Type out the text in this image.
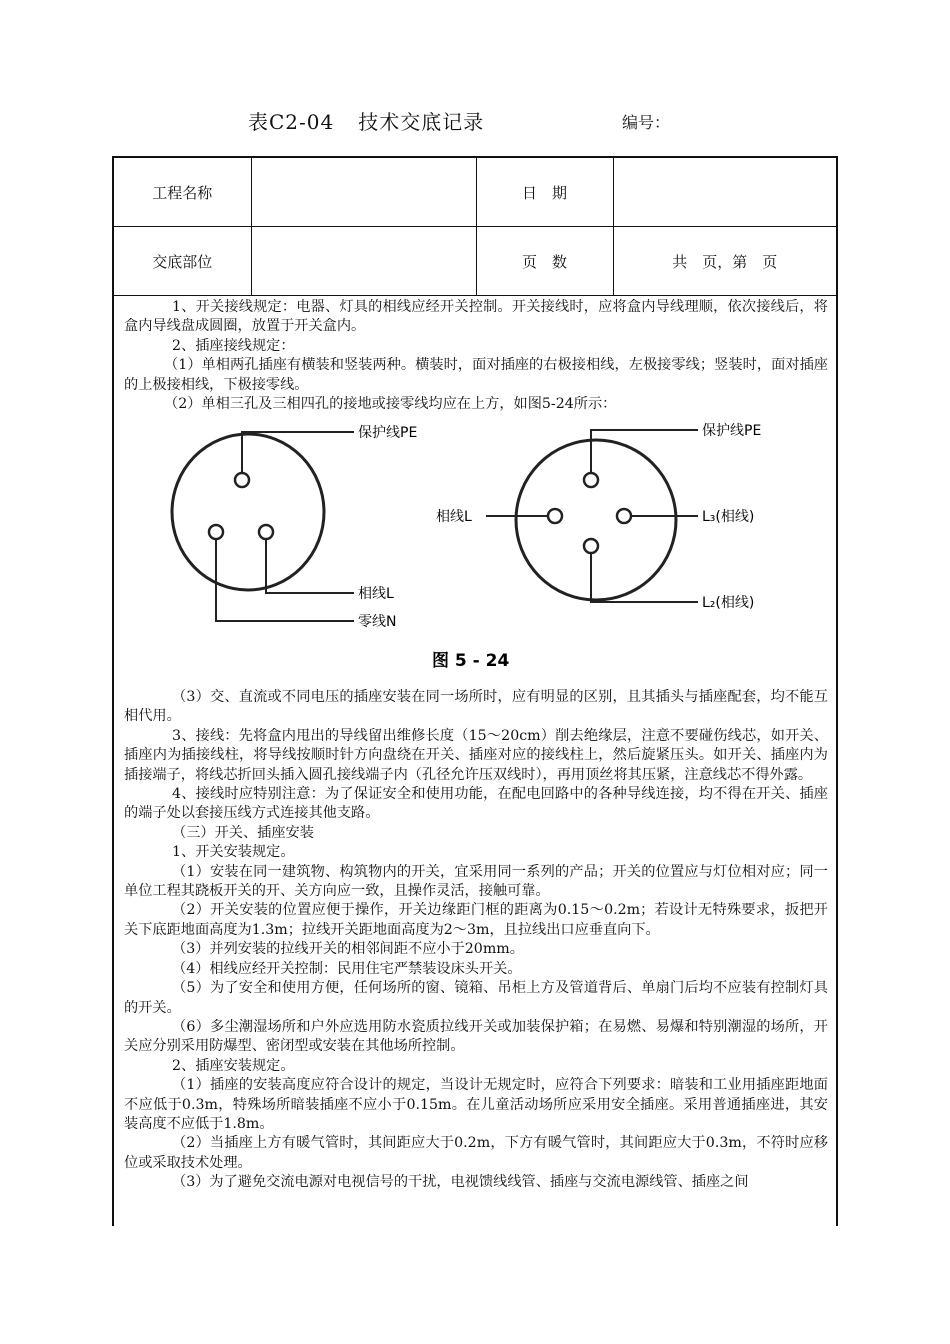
表C2-04 技术交底记录	编号：
工程名称		日　期	
交底部位		页　数	共　页，第　页

1、开关接线规定：电器、灯具的相线应经开关控制。开关接线时，应将盒内导线理顺，依次接线后，将盒内导线盘成圆圈，放置于开关盒内。

2、插座接线规定：

（1）单相两孔插座有横装和竖装两种。横装时，面对插座的右极接相线，左极接零线；竖装时，面对插座的上极接相线，下极接零线。

（2）单相三孔及三相四孔的接地或接零线均应在上方，如图5-24所示：

保护线PE
相线L
零线N
保护线PE
相线L	L₃(相线)
L₂(相线)
图 5 - 24

（3）交、直流或不同电压的插座安装在同一场所时，应有明显的区别，且其插头与插座配套，均不能互相代用。

3、接线：先将盒内甩出的导线留出维修长度（15～20cm）削去绝缘层，注意不要碰伤线芯，如开关、插座内为插接线柱，将导线按顺时针方向盘绕在开关、插座对应的接线柱上，然后旋紧压头。如开关、插座内为插接端子，将线芯折回头插入圆孔接线端子内（孔径允许压双线时），再用顶丝将其压紧，注意线芯不得外露。

4、接线时应特别注意：为了保证安全和使用功能，在配电回路中的各种导线连接，均不得在开关、插座的端子处以套接压线方式连接其他支路。

（三）开关、插座安装

1、开关安装规定。

（1）安装在同一建筑物、构筑物内的开关，宜采用同一系列的产品；开关的位置应与灯位相对应；同一单位工程其跷板开关的开、关方向应一致，且操作灵活，接触可靠。

（2）开关安装的位置应便于操作，开关边缘距门框的距离为0.15～0.2m；若设计无特殊要求，扳把开关下底距地面高度为1.3m；拉线开关距地面高度为2～3m，且拉线出口应垂直向下。

（3）并列安装的拉线开关的相邻间距不应小于20mm。

（4）相线应经开关控制：民用住宅严禁装设床头开关。

（5）为了安全和使用方便，任何场所的窗、镜箱、吊柜上方及管道背后、单扇门后均不应装有控制灯具的开关。

（6）多尘潮湿场所和户外应选用防水瓷质拉线开关或加装保护箱；在易燃、易爆和特别潮湿的场所，开关应分别采用防爆型、密闭型或安装在其他场所控制。

2、插座安装规定。

（1）插座的安装高度应符合设计的规定，当设计无规定时，应符合下列要求：暗装和工业用插座距地面不应低于0.3m，特殊场所暗装插座不应小于0.15m。在儿童活动场所应采用安全插座。采用普通插座进，其安装高度不应低于1.8m。

（2）当插座上方有暖气管时，其间距应大于0.2m，下方有暖气管时，其间距应大于0.3m，不符时应移位或采取技术处理。

（3）为了避免交流电源对电视信号的干扰，电视馈线线管、插座与交流电源线管、插座之间
